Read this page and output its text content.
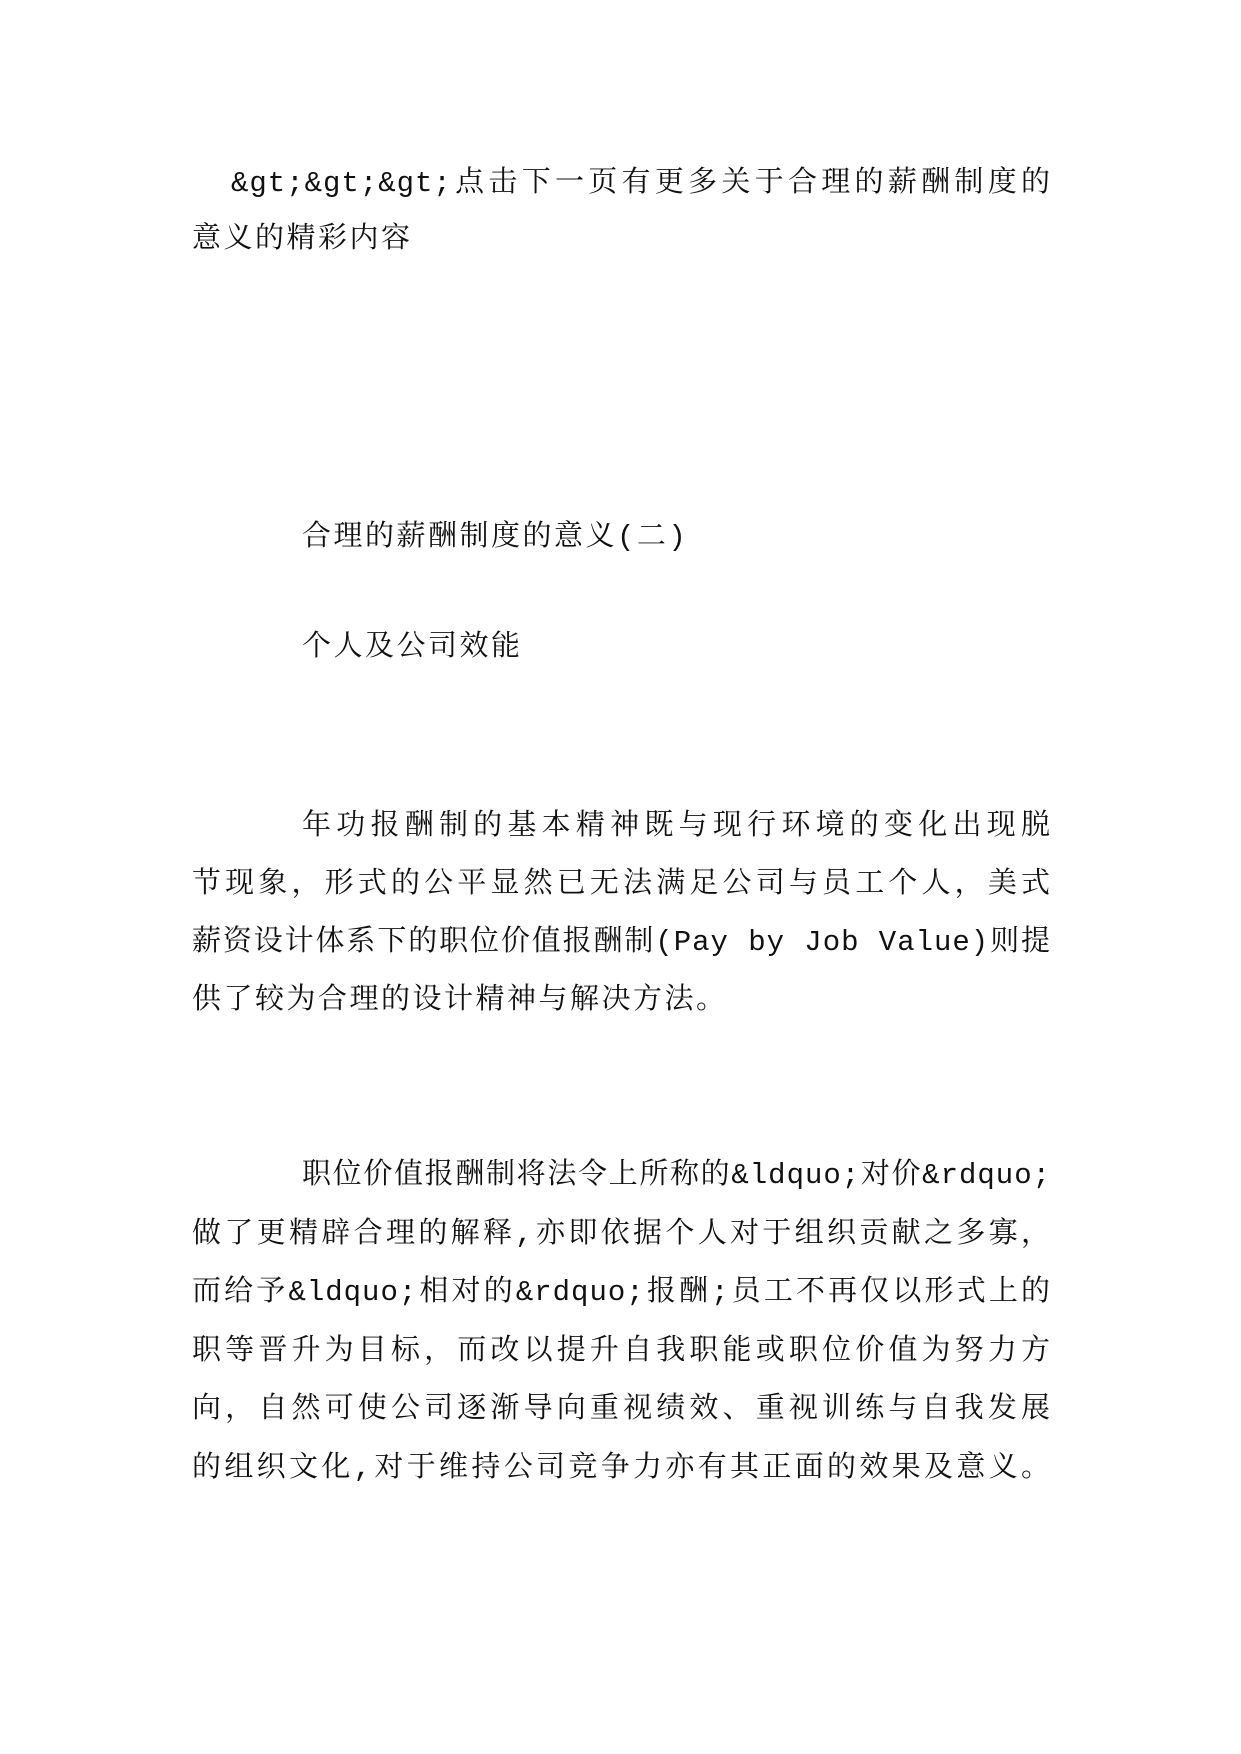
&gt;&gt;&gt;点击下一页有更多关于合理的薪酬制度的
意义的精彩内容
合理的薪酬制度的意义(二)
个人及公司效能
年功报酬制的基本精神既与现行环境的变化出现脱
节现象，形式的公平显然已无法满足公司与员工个人，美式
薪资设计体系下的职位价值报酬制(Pay by Job Value)则提
供了较为合理的设计精神与解决方法。
职位价值报酬制将法令上所称的&ldquo;对价&rdquo;
做了更精辟合理的解释,亦即依据个人对于组织贡献之多寡，
而给予&ldquo;相对的&rdquo;报酬;员工不再仅以形式上的
职等晋升为目标，而改以提升自我职能或职位价值为努力方
向，自然可使公司逐渐导向重视绩效、重视训练与自我发展
的组织文化,对于维持公司竞争力亦有其正面的效果及意义。
